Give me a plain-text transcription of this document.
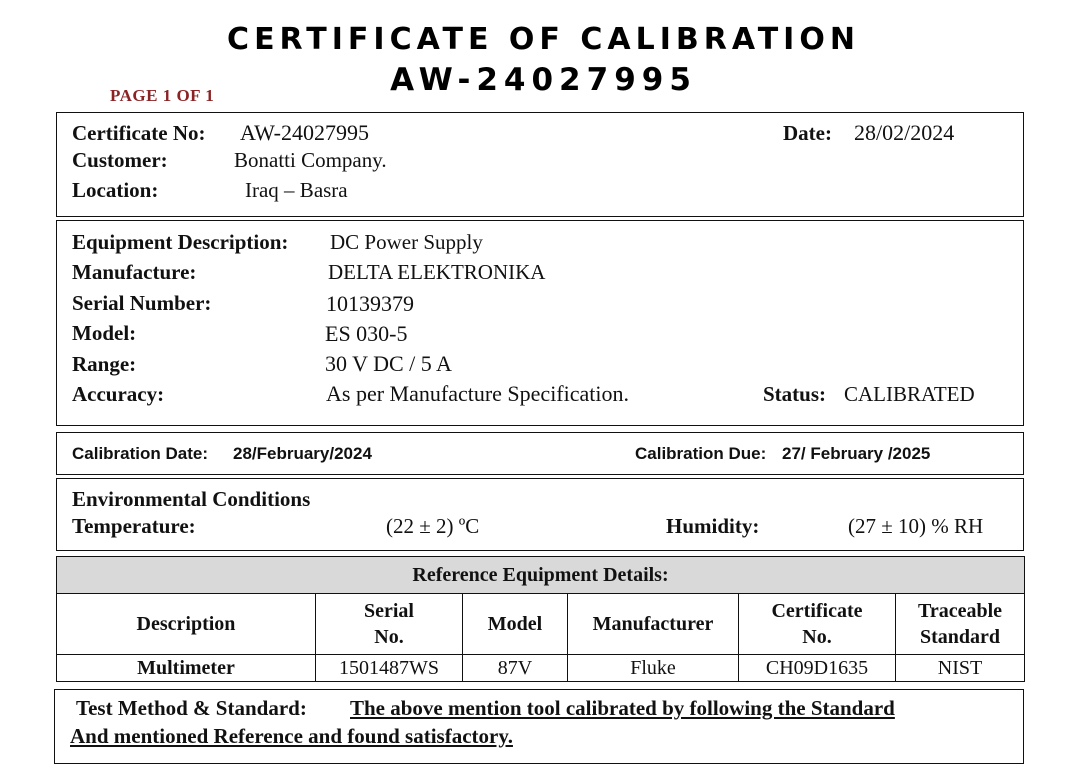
CERTIFICATE OF CALIBRATION
AW-24027995
PAGE 1 OF 1
Certificate No: AW-24027995	Date: 28/02/2024
Customer:	Bonatti Company.
Location:	Iraq – Basra
Equipment Description: DC Power Supply
Manufacture:	DELTA ELEKTRONIKA
Serial Number:	10139379
Model:	ES 030-5
Range:	30 V DC / 5 A
Accuracy:	As per Manufacture Specification.	Status: CALIBRATED
Calibration Date: 28/February/2024	Calibration Due: 27/ February /2025
Environmental Conditions
Temperature:	(22 ± 2) ºC	Humidity:	(27 ± 10) % RH
Reference Equipment Details:					
Description	Serial No.	Model	Manufacturer	Certificate No.	Traceable Standard
Multimeter	1501487WS	87V	Fluke	CH09D1635	NIST
Test Method & Standard: The above mention tool calibrated by following the Standard
And mentioned Reference and found satisfactory.
